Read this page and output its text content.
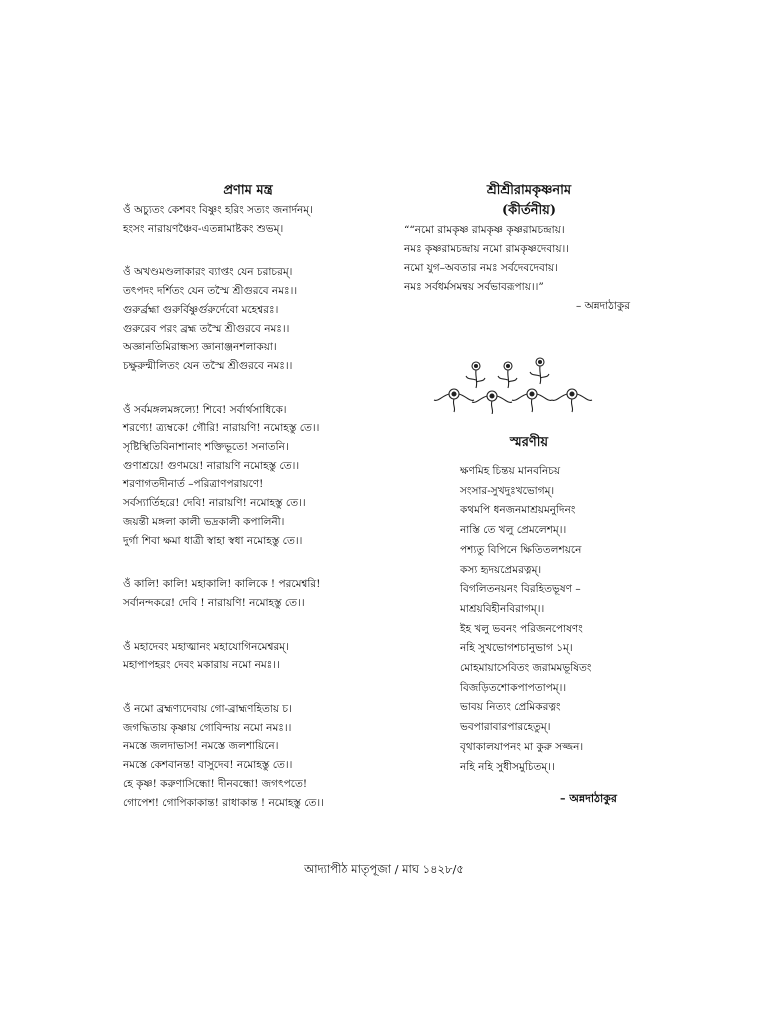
প্রণাম মন্ত্র

ওঁ অচ্যুতং কেশবং বিষ্ণুং হরিং সত্যং জনার্দনম্‌।
হংসং নারায়ণঞ্চৈব-এতন্নামাষ্টকং শুভম্‌।
ওঁ অখণ্ডমণ্ডলাকারং ব্যাপ্তং যেন চরাচরম্‌।
তৎপদং দর্শিতং যেন তস্মৈ শ্রীগুরবে নমঃ।।
গুরুর্ব্রহ্মা গুরুর্বিষ্ণুর্গুরুর্দেবো মহেশ্বরঃ।
গুরুরেব পরং ব্রহ্ম তস্মৈ শ্রীগুরবে নমঃ।।
অজ্ঞানতিমিরান্ধস্য জ্ঞানাঞ্জনশলাকয়া।
চক্ষুরুন্মীলিতং যেন তস্মৈ শ্রীগুরবে নমঃ।।
ওঁ সর্বমঙ্গলমঙ্গল্যে! শিবে! সর্বার্থসাধিকে।
শরণ্যে! ত্র্যম্বকে! গৌরি! নারায়ণি! নমোহস্তু তে।।
সৃষ্টিস্থিতিবিনাশানাং শক্তিভূতে! সনাতনি।
গুণাশ্রয়ে! গুণময়ে! নারায়ণি নমোহস্তু তে।।
শরণাগতদীনার্ত –পরিত্রাণপরায়ণে!
সর্বস্যার্তিহরে! দেবি! নারায়ণি! নমোহস্তু তে।।
জয়ন্তী মঙ্গলা কালী ভদ্রকালী কপালিনী।
দুর্গা শিবা ক্ষমা ধাত্রী স্বাহা স্বধা নমোহস্তু তে।।
ওঁ কালি! কালি! মহাকালি! কালিকে ! পরমেশ্বরি!
সর্বানন্দকরে! দেবি ! নারায়ণি! নমোহস্তু তে।।
ওঁ মহাদেবং মহাত্মানং মহাযোগিনমেশ্বরম্‌।
মহাপাপহরং দেবং মকারায় নমো নমঃ।।
ওঁ নমো ব্রহ্মণ্যদেবায় গো-ব্রাহ্মণহিতায় চ।
জগদ্ধিতায় কৃষ্ণায় গোবিন্দায় নমো নমঃ।।
নমস্তে জলদাভাস! নমস্তে জলশায়িনে।
নমস্তে কেশবানন্ত! বাসুদেব! নমোহস্তু তে।।
হে কৃষ্ণ! করুণাসিন্ধো! দীনবন্ধো! জগৎপতে!
গোপেশ! গোপিকাকান্ত! রাধাকান্ত ! নমোহস্তু তে।।

শ্রীশ্রীরামকৃষ্ণনাম

(কীর্তনীয়)

““নমো রামকৃষ্ণ রামকৃষ্ণ কৃষ্ণরামচন্দ্রায়।
নমঃ কৃষ্ণরামচন্দ্রায় নমো রামকৃষ্ণদেবায়।।
নমো যুগ–অবতার নমঃ সর্বদেবদেবায়।
নমঃ সর্বধর্মসমন্বয় সর্বভাবরূপায়।।”
– অন্নদাঠাকুর

স্মরণীয়

ক্ষণমিহ চিন্তয় মানবনিচয়
সংসার-সুখদুঃখভোগম্‌।
কথমপি ধনজনমাশ্রয়মনুদিনং
নাস্তি তে খলু প্রেমলেশম্‌।।
পশ্যতু বিপিনে ক্ষিতিতলশয়নে
কস্য হৃদয়প্রেমরত্নম্‌।
বিগলিতনয়নং বিরহিতভূষণ –
মাশ্রয়বিহীনবিরাগম্‌।।
ইহ খলু ভবনং পরিজনপোষণং
নহি সুখভোগশচানুভাগ ১ম্‌।
মোহমায়াসেবিতং জরামমভূষিতং
বিজড়িতশোকপাপতাপম্‌।।
ভাবয় নিত্যং প্রেমিকরত্নং
ভবপারাবারপারহেতুম্‌।
বৃথাকালযাপনং মা কুরু সজ্জন।
নহি নহি সুধীসমুচিতম্‌।।
– অন্নদাঠাকুর
আদ্যাপীঠ মাতৃপূজা / মাঘ ১৪২৮/৫
